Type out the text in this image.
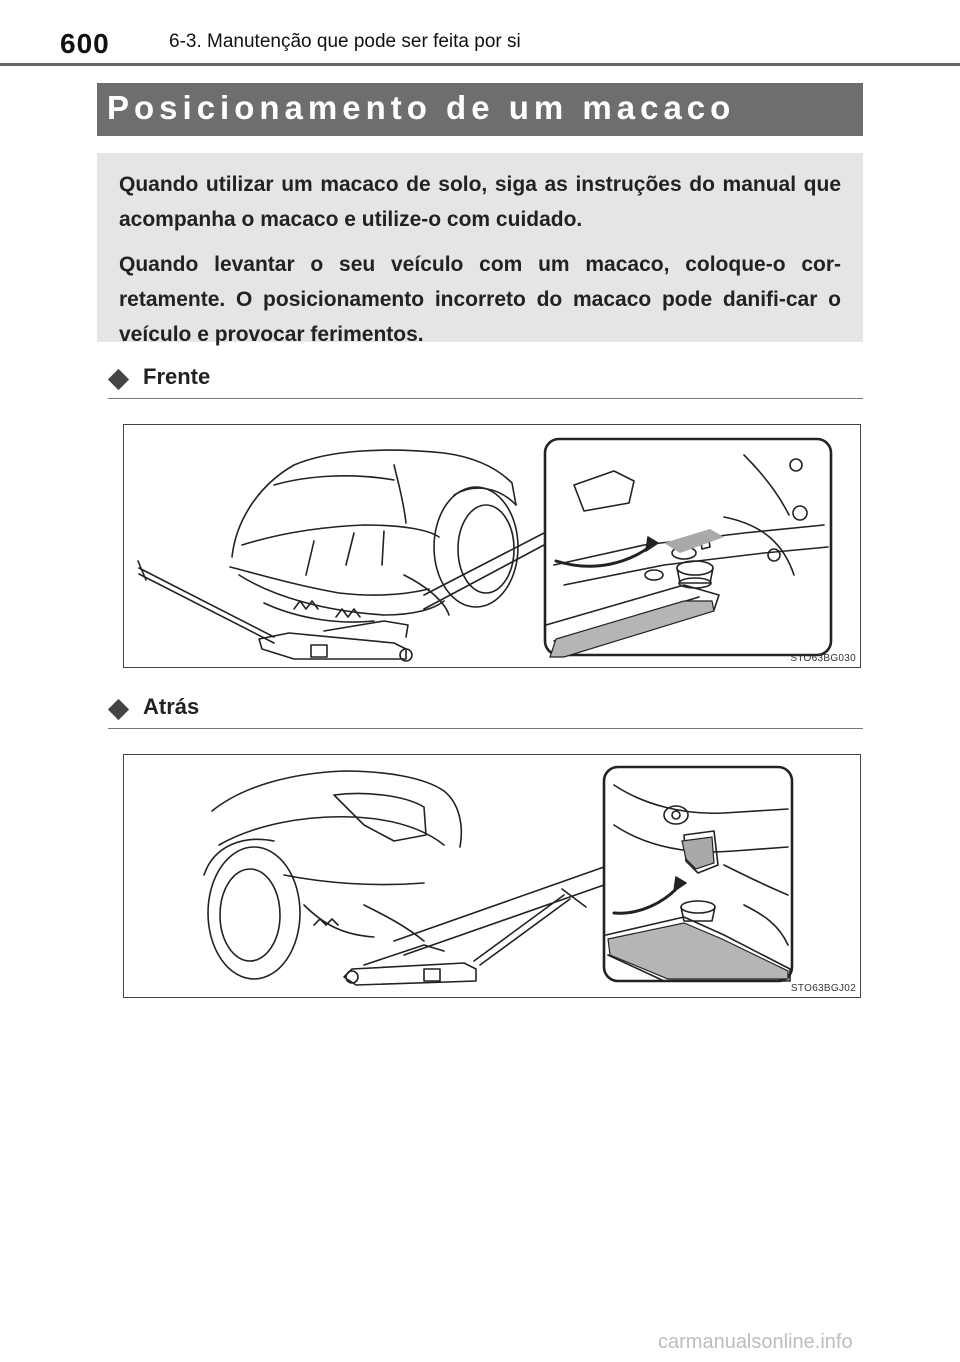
600	6-3. Manutenção que pode ser feita por si
Posicionamento de um macaco

Quando utilizar um macaco de solo, siga as instruções do manual que acompanha o macaco e utilize-o com cuidado.

Quando levantar o seu veículo com um macaco, coloque-o cor-retamente. O posicionamento incorreto do macaco pode danifi-car o veículo e provocar ferimentos.

Frente
STO63BG030
Atrás
STO63BGJ02
carmanualsonline.info
